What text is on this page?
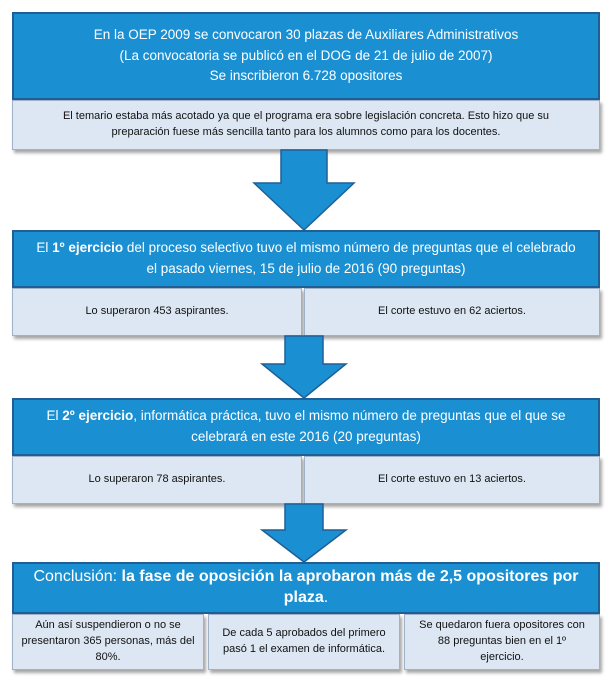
En la OEP 2009 se convocaron 30 plazas de Auxiliares Administrativos
(La convocatoria se publicó en el DOG de 21 de julio de 2007)
Se inscribieron 6.728 opositores
El temario estaba más acotado ya que el programa era sobre legislación concreta. Esto hizo que su preparación fuese más sencilla tanto para los alumnos como para los docentes.
El 1º ejercicio del proceso selectivo tuvo el mismo número de preguntas que el celebrado el pasado viernes, 15 de julio de 2016 (90 preguntas)
Lo superaron 453 aspirantes.	El corte estuvo en 62 aciertos.
El 2º ejercicio, informática práctica, tuvo el mismo número de preguntas que el que se celebrará en este 2016 (20 preguntas)
Lo superaron 78 aspirantes.	El corte estuvo en 13 aciertos.
Conclusión: la fase de oposición la aprobaron más de 2,5 opositores por plaza.
Aún así suspendieron o no se presentaron 365 personas, más del 80%.
De cada 5 aprobados del primero pasó 1 el examen de informática.
Se quedaron fuera opositores con 88 preguntas bien en el 1º ejercicio.
